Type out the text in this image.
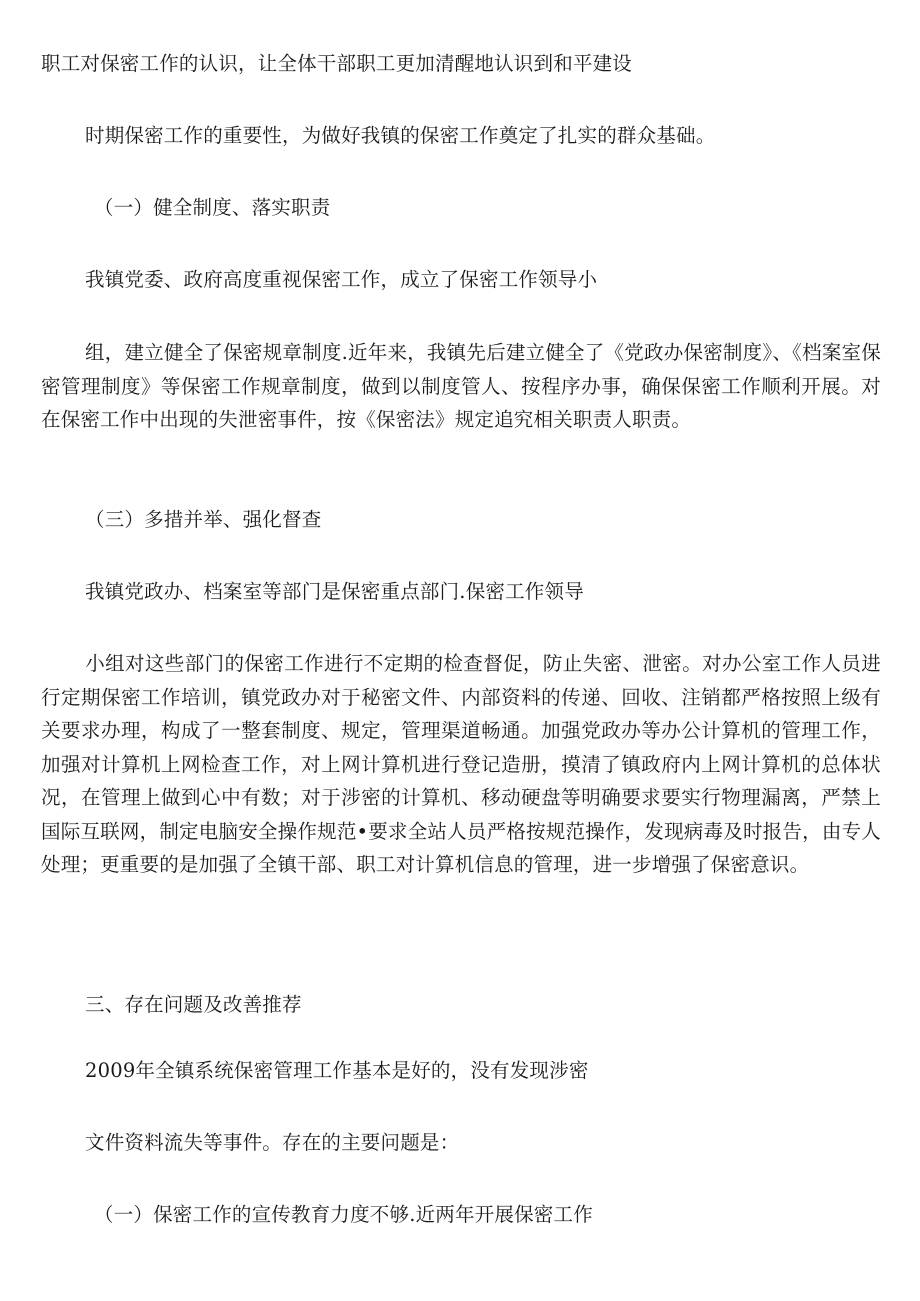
职工对保密工作的认识，让全体干部职工更加清醒地认识到和平建设
时期保密工作的重要性，为做好我镇的保密工作奠定了扎实的群众基础。
（一）健全制度、落实职责
我镇党委、政府高度重视保密工作，成立了保密工作领导小
组，建立健全了保密规章制度.近年来，我镇先后建立健全了《党政办保密制度》、《档案室保密管理制度》等保密工作规章制度，做到以制度管人、按程序办事，确保保密工作顺利开展。对在保密工作中出现的失泄密事件，按《保密法》规定追究相关职责人职责。
（三）多措并举、强化督查
我镇党政办、档案室等部门是保密重点部门.保密工作领导
小组对这些部门的保密工作进行不定期的检查督促，防止失密、泄密。对办公室工作人员进行定期保密工作培训，镇党政办对于秘密文件、内部资料的传递、回收、注销都严格按照上级有关要求办理，构成了一整套制度、规定，管理渠道畅通。加强党政办等办公计算机的管理工作，加强对计算机上网检查工作，对上网计算机进行登记造册，摸清了镇政府内上网计算机的总体状况，在管理上做到心中有数；对于涉密的计算机、移动硬盘等明确要求要实行物理漏离，严禁上国际互联网，制定电脑安全操作规范•要求全站人员严格按规范操作，发现病毒及时报告，由专人处理；更重要的是加强了全镇干部、职工对计算机信息的管理，进一步增强了保密意识。
三、存在问题及改善推荐
2009年全镇系统保密管理工作基本是好的，没有发现涉密
文件资料流失等事件。存在的主要问题是：
（一）保密工作的宣传教育力度不够.近两年开展保密工作
